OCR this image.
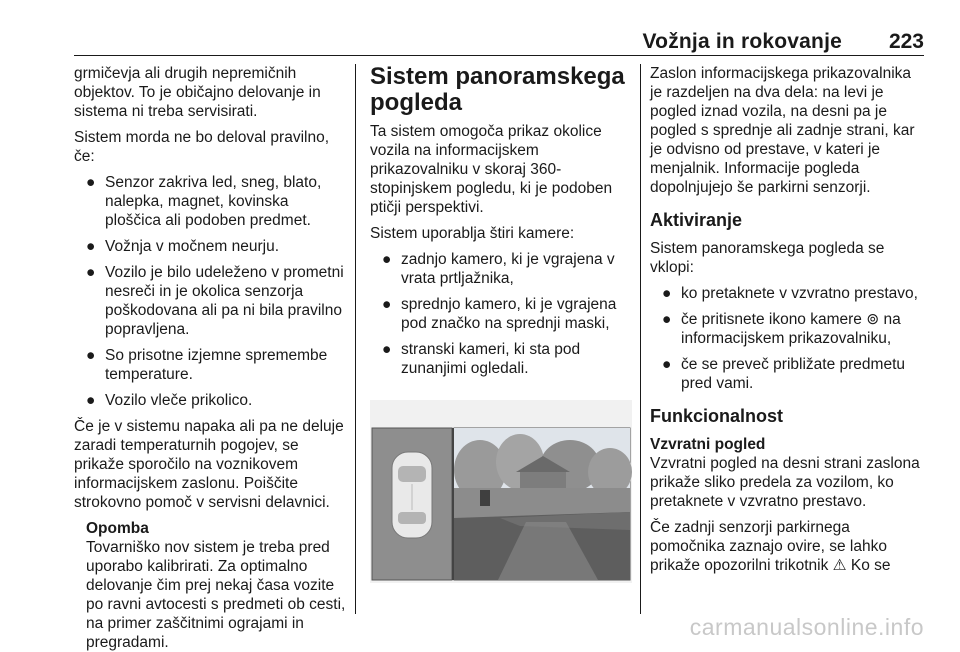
Vožnja in rokovanje 223

grmičevja ali drugih nepremičnih objektov. To je običajno delovanje in sistema ni treba servisirati.

Sistem morda ne bo deloval pravilno, če:

● Senzor zakriva led, sneg, blato, nalepka, magnet, kovinska ploščica ali podoben predmet.
● Vožnja v močnem neurju.
● Vozilo je bilo udeleženo v prometni nesreči in je okolica senzorja poškodovana ali pa ni bila pravilno popravljena.
● So prisotne izjemne spremembe temperature.
● Vozilo vleče prikolico.

Če je v sistemu napaka ali pa ne deluje zaradi temperaturnih pogojev, se prikaže sporočilo na voznikovem informacijskem zaslonu. Poiščite strokovno pomoč v servisni delavnici.

Opomba
Tovarniško nov sistem je treba pred uporabo kalibrirati. Za optimalno delovanje čim prej nekaj časa vozite po ravni avtocesti s predmeti ob cesti, na primer zaščitnimi ograjami in pregradami.
Sistem panoramskega pogleda

Ta sistem omogoča prikaz okolice vozila na informacijskem prikazovalniku v skoraj 360-stopinjskem pogledu, ki je podoben ptičji perspektivi.

Sistem uporablja štiri kamere:

● zadnjo kamero, ki je vgrajena v vrata prtljažnika,
● sprednjo kamero, ki je vgrajena pod značko na sprednji maski,
● stranski kameri, ki sta pod zunanjimi ogledali.

Zaslon informacijskega prikazovalnika je razdeljen na dva dela: na levi je pogled iznad vozila, na desni pa je pogled s sprednje ali zadnje strani, kar je odvisno od prestave, v kateri je menjalnik. Informacije pogleda dopolnjujejo še parkirni senzorji.

Aktiviranje

Sistem panoramskega pogleda se vklopi:

● ko pretaknete v vzvratno prestavo,
● če pritisnete ikono kamere ⊚ na informacijskem prikazovalniku,
● če se preveč približate predmetu pred vami.
Funkcionalnost
Vzvratni pogled

Vzvratni pogled na desni strani zaslona prikaže sliko predela za vozilom, ko pretaknete v vzvratno prestavo.

Če zadnji senzorji parkirnega pomočnika zaznajo ovire, se lahko prikaže opozorilni trikotnik ⚠ Ko se

carmanualsonline.info
